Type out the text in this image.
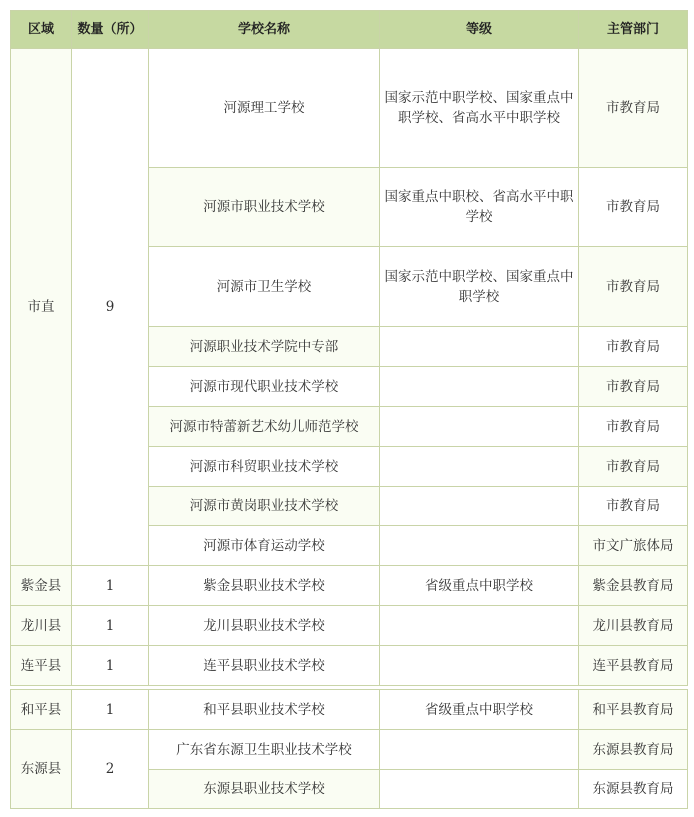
区域	数量（所）	学校名称	等级	主管部门
市直	9	河源理工学校	国家示范中职学校、国家重点中职学校、省高水平中职学校	市教育局
		河源市职业技术学校	国家重点中职校、省高水平中职学校	市教育局
		河源市卫生学校	国家示范中职学校、国家重点中职学校	市教育局
		河源职业技术学院中专部		市教育局
		河源市现代职业技术学校		市教育局
		河源市特蕾新艺术幼儿师范学校		市教育局
		河源市科贸职业技术学校		市教育局
		河源市黄岗职业技术学校		市教育局
		河源市体育运动学校		市文广旅体局
紫金县	1	紫金县职业技术学校	省级重点中职学校	紫金县教育局
龙川县	1	龙川县职业技术学校		龙川县教育局
连平县	1	连平县职业技术学校		连平县教育局
和平县	1	和平县职业技术学校	省级重点中职学校	和平县教育局
东源县	2	广东省东源卫生职业技术学校		东源县教育局
		东源县职业技术学校		东源县教育局
